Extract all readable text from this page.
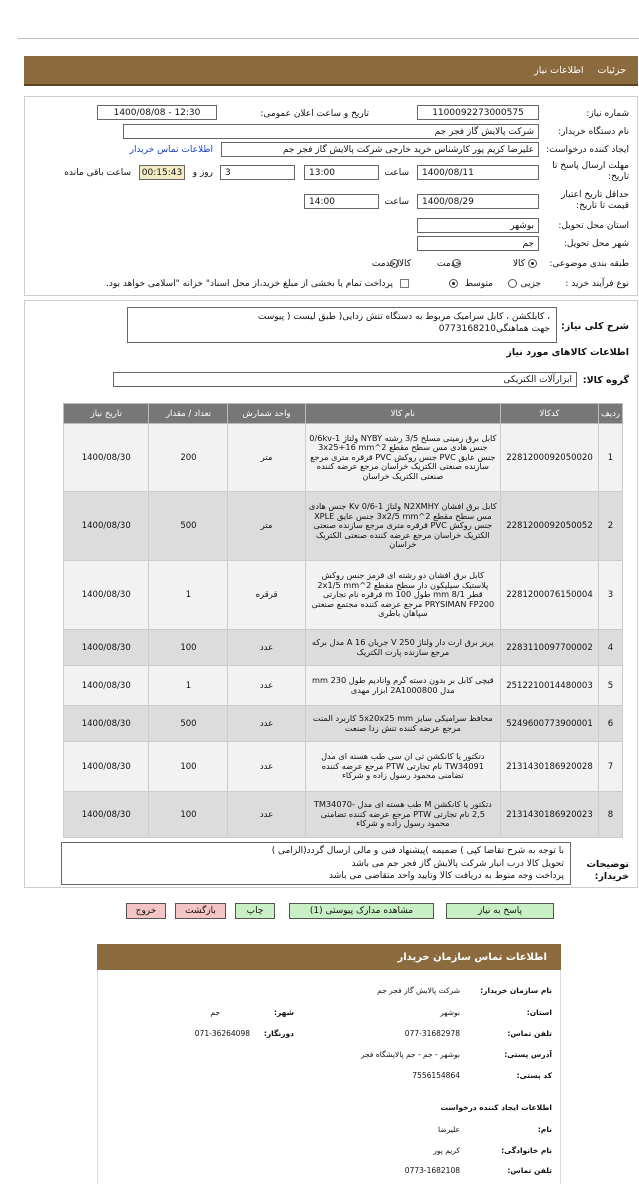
جزئیات
اطلاعات نیاز
شماره نیاز:
1100092273000575
تاریخ و ساعت اعلان عمومی:
1400/08/08 - 12:30
نام دستگاه خریدار:
شرکت پالایش گاز فجر جم
ایجاد کننده درخواست:
علیرضا کریم پور کارشناس خرید خارجی شرکت پالایش گاز فجر جم
اطلاعات تماس خریدار
مهلت ارسال پاسخ تا تاریخ:
1400/08/11
ساعت
13:00
3
روز و
00:15:43
ساعت باقی مانده
حداقل تاریخ اعتبار قیمت تا تاریخ:
1400/08/29
ساعت
14:00
استان محل تحویل:
بوشهر
شهر محل تحویل:
جم
طبقه بندی موضوعی:

کالا

خدمت

کالا/خدمت
نوع فرآیند خرید :

جزیی
متوسط
پرداخت تمام یا بخشی از مبلغ خرید،از محل اسناد" خزانه "اسلامی خواهد بود.
شرح کلی نیاز:
، کابلکشن ، کابل سرامیک مربوط به دستگاه تنش زدایی( طبق لیست ( پیوست
جهت هماهنگی0773168210
اطلاعات کالاهای مورد نیاز
گروه کالا:
ابزارآلات الکتریکی
ردیف	کدکالا	نام کالا	واحد شمارش	تعداد / مقدار	تاریخ نیاز
1	2281200092050020	کابل برق زمینی مسلح 3/5 رشته NYBY ولتاژ 1-0/6kv جنس هادی مس سطح مقطع 2^3x25+16 mm جنس عایق PVC جنس روکش PVC قرقره متری مرجع سازنده صنعتی الکتریک خراسان مرجع عرضه کننده صنعتی الکتریک خراسان	متر	200	1400/08/30
2	2281200092050052	کابل برق افشان N2XMHY ولتاژ 1-0/6 Kv جنس هادی مس سطح مقطع 2^3x2/5 mm جنس عایق XPLE جنس روکش PVC قرقره متری مرجع سازنده صنعتی الکتریک خراسان مرجع عرضه کننده صنعتی الکتریک خراسان	متر	500	1400/08/30
3	2281200076150004	کابل برق افشان دو رشته ای قرمز جنس روکش پلاستیک سیلیکون دار سطح مقطع 2^2x1/5 mm قطر 8/1 mm طول 100 m قرقره نام تجارتی PRYSIMAN FP200 مرجع عرضه کننده مجتمع صنعتی سپاهان باطری	قرقره	1	1400/08/30
4	2283110097700002	پریز برق ارت دار ولتاژ 250 V جریان 16 A مدل برکه مرجع سازنده پارت الکتریک	عدد	100	1400/08/30
5	2512210014480003	قیچی کابل بر بدون دسته گرم وانادیم طول 230 mm مدل 2A1000800 ابزار مهدی	عدد	1	1400/08/30
6	5249600773900001	محافظ سرامیکی سایز 5x20x25 mm کاربرد المنت مرجع عرضه کننده تنش زدا صنعت	عدد	500	1400/08/30
7	2131430186920028	دتکتور یا کانکشن تی ان سی طب هسته ای مدل TW34091 نام تجارتی PTW مرجع عرضه کننده تضامنی محمود رسول زاده و شرکاء	عدد	100	1400/08/30
8	2131430186920023	دتکتور یا کانکشن M طب هسته ای مدل TM34070-2,5 نام تجارتی PTW مرجع عرضه کننده تضامنی محمود رسول زاده و شرکاء	عدد	100	1400/08/30
توضیحات خریدار:
با توجه به شرح تقاضا کپی ) ضمیمه )پیشنهاد فنی و مالی ارسال گردد(الزامی )
تحویل کالا درب انبار شرکت پالایش گاز فجر جم می باشد
پرداخت وجه منوط به دریافت کالا وتایید واحد متقاضی می باشد
پاسخ به نیاز
مشاهده مدارک پیوستی (1)
چاپ
بازگشت
خروج
اطلاعات تماس سازمان خریدار
نام سازمان خریدار:
شرکت پالایش گاز فجر جم
استان:
بوشهر
شهر:
جم
تلفن تماس:
077-31682978
دورنگار:
071-36264098
آدرس پستی:
بوشهر - جم - جم پالایشگاه فجر
کد پستی:
7556154864
اطلاعات ایجاد کننده درخواست
نام:
علیرضا
نام خانوادگی:
کریم پور
تلفن تماس:
0773-1682108
